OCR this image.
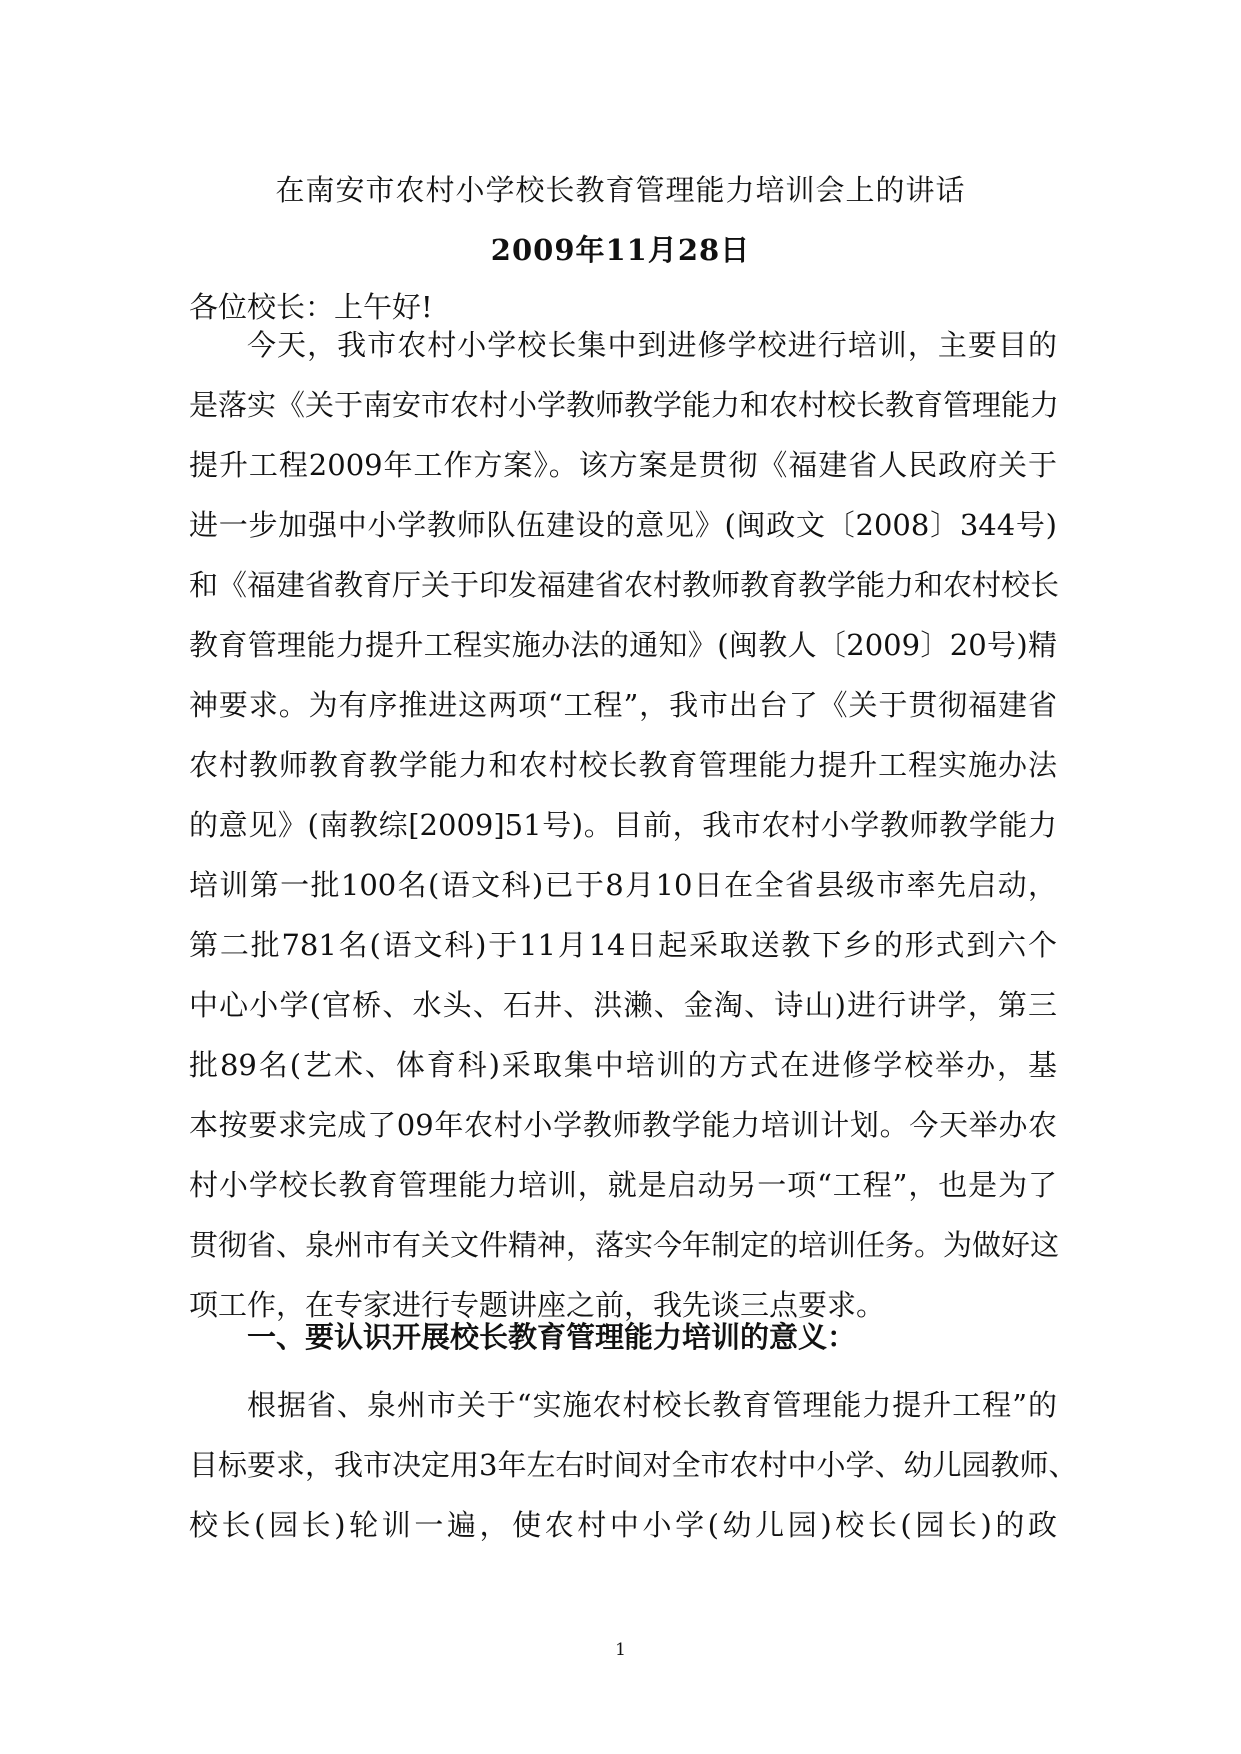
在南安市农村小学校长教育管理能力培训会上的讲话
2009年11月28日
各位校长：上午好!
今天，我市农村小学校长集中到进修学校进行培训，主要目的
是落实《关于南安市农村小学教师教学能力和农村校长教育管理能力
提升工程2009年工作方案》。该方案是贯彻《福建省人民政府关于
进一步加强中小学教师队伍建设的意见》(闽政文〔2008〕344号)
和《福建省教育厅关于印发福建省农村教师教育教学能力和农村校长
教育管理能力提升工程实施办法的通知》(闽教人〔2009〕20号)精
神要求。为有序推进这两项“工程”，我市出台了《关于贯彻福建省
农村教师教育教学能力和农村校长教育管理能力提升工程实施办法
的意见》(南教综[2009]51号)。目前，我市农村小学教师教学能力
培训第一批100名(语文科)已于8月10日在全省县级市率先启动，
第二批781名(语文科)于11月14日起采取送教下乡的形式到六个
中心小学(官桥、水头、石井、洪濑、金淘、诗山)进行讲学，第三
批89名(艺术、体育科)采取集中培训的方式在进修学校举办，基
本按要求完成了09年农村小学教师教学能力培训计划。今天举办农
村小学校长教育管理能力培训，就是启动另一项“工程”，也是为了
贯彻省、泉州市有关文件精神，落实今年制定的培训任务。为做好这
项工作，在专家进行专题讲座之前，我先谈三点要求。
一、要认识开展校长教育管理能力培训的意义：
根据省、泉州市关于“实施农村校长教育管理能力提升工程”的
目标要求，我市决定用3年左右时间对全市农村中小学、幼儿园教师、
校长(园长)轮训一遍，使农村中小学(幼儿园)校长(园长)的政
1
